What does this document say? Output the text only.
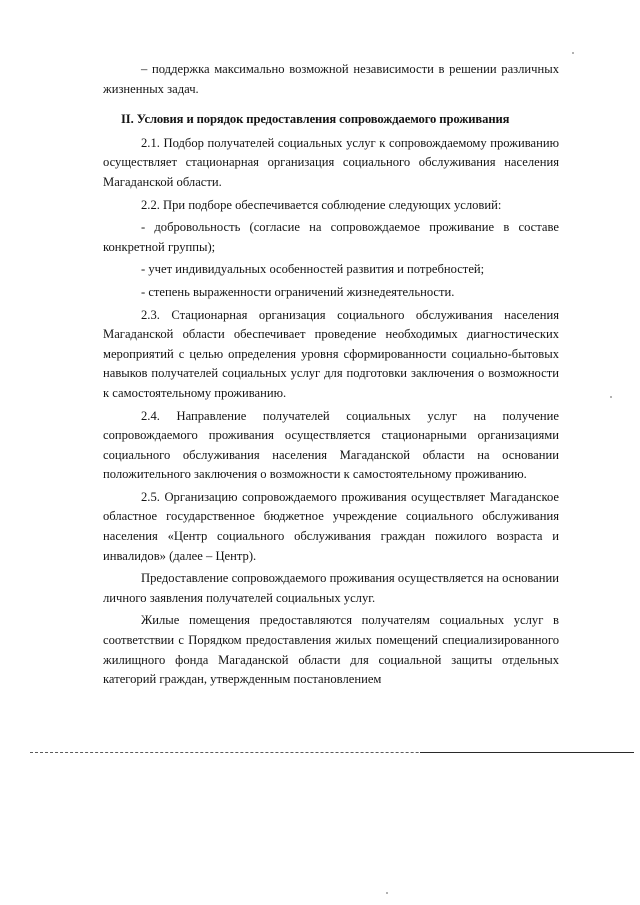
– поддержка максимально возможной независимости в решении различных жизненных задач.

II. Условия и порядок предоставления сопровождаемого проживания

2.1. Подбор получателей социальных услуг к сопровождаемому проживанию осуществляет стационарная организация социального обслуживания населения Магаданской области.

2.2. При подборе обеспечивается соблюдение следующих условий:

- добровольность (согласие на сопровождаемое проживание в составе конкретной группы);

- учет индивидуальных особенностей развития и потребностей;

- степень выраженности ограничений жизнедеятельности.

2.3. Стационарная организация социального обслуживания населения Магаданской области обеспечивает проведение необходимых диагностических мероприятий с целью определения уровня сформированности социально-бытовых навыков получателей социальных услуг для подготовки заключения о возможности к самостоятельному проживанию.

2.4. Направление получателей социальных услуг на получение сопровождаемого проживания осуществляется стационарными организациями социального обслуживания населения Магаданской области на основании положительного заключения о возможности к самостоятельному проживанию.

2.5. Организацию сопровождаемого проживания осуществляет Магаданское областное государственное бюджетное учреждение социального обслуживания населения «Центр социального обслуживания граждан пожилого возраста и инвалидов» (далее – Центр).

Предоставление сопровождаемого проживания осуществляется на основании личного заявления получателей социальных услуг.

Жилые помещения предоставляются получателям социальных услуг в соответствии с Порядком предоставления жилых помещений специализированного жилищного фонда Магаданской области для социальной защиты отдельных категорий граждан, утвержденным постановлением
